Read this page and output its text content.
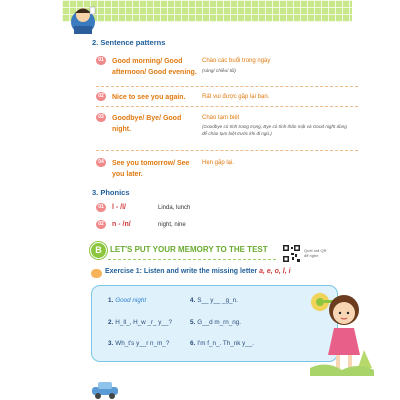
2. Sentence patterns
01	Good morning/ Good afternoon/ Good evening.
Chào các buổi trong ngày
(sáng/ chiều/ tối)
02	Nice to see you again.	Rất vui được gặp lại bạn.
03	Goodbye/ Bye/ Good night.
Chào tạm biệt
(Goodbye có tính trang trọng, Bye có tính thân mật và Good night dùng để chào tạm biệt trước khi đi ngủ.)
04	See you tomorrow/ See you later.
Hẹn gặp lại.
3. Phonics
01	l - /l/	Linda, lunch
02	n - /n/	night, nine
B	LET'S PUT YOUR MEMORY TO THE TEST	Quét mã QR
để nghe
Exercise 1: Listen and write the missing letter a, e, o, l, i
1. Good night
2. H_ll_, H_w _r_ y__?
3. Wh_t's y__r n_m_?
4. S__ y__ _g_n.
5. G__d m_rn_ng.
6. I'm f_n_. Th_nk y__.
